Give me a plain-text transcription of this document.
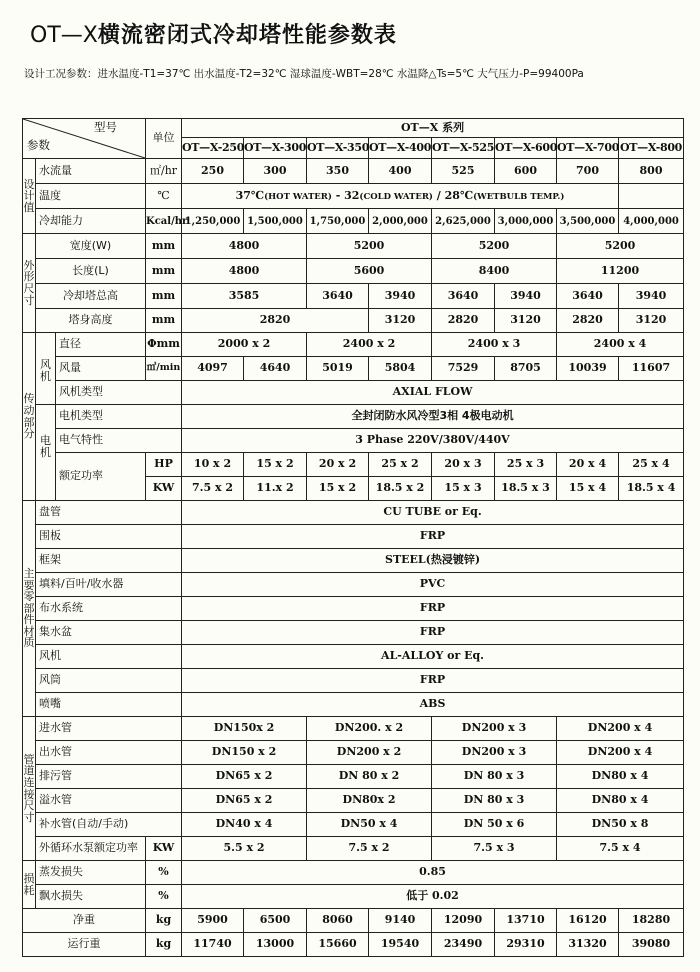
OT—X横流密闭式冷却塔性能参数表
设计工况参数：进水温度-T1=37℃ 出水温度-T2=32℃ 湿球温度-WBT=28℃ 水温降△Ts=5℃ 大气压力-P=99400Pa
型号
参数			单位	OT—X 系列							
				OT—X-250	OT—X-300	OT—X-350	OT—X-400	OT—X-525	OT—X-600	OT—X-700	OT—X-800
设计值	水流量		㎡/hr	250	300	350	400	525	600	700	800
	温度		℃	37℃(HOT WATER) - 32(COLD WATER) / 28℃(WETBULB TEMP.)							
	冷却能力		Kcal/hr	1,250,000	1,500,000	1,750,000	2,000,000	2,625,000	3,000,000	3,500,000	4,000,000
外形尺寸	宽度(W)		mm	4800		5200		5200		5200	
	长度(L)		mm	4800		5600		8400		11200	
	冷却塔总高		mm	3585		3640	3940	3640	3940	3640	3940
	塔身高度		mm	2820			3120	2820	3120	2820	3120
传动部分	风机	直径	Φmm	2000 x 2		2400 x 2		2400 x 3		2400 x 4	
		风量	㎡/min	4097	4640	5019	5804	7529	8705	10039	11607
		风机类型		AXIAL FLOW							
	电机	电机类型		全封闭防水风冷型3相 4极电动机							
		电气特性		3 Phase 220V/380V/440V							
		额定功率	HP	10 x 2	15 x 2	20 x 2	25 x 2	20 x 3	25 x 3	20 x 4	25 x 4
			KW	7.5 x 2	11.x 2	15 x 2	18.5 x 2	15 x 3	18.5 x 3	15 x 4	18.5 x 4
主要零部件材质	盘管			CU TUBE or Eq.							
	围板			FRP							
	框架			STEEL(热浸镀锌)							
	填料/百叶/收水器			PVC							
	布水系统			FRP							
	集水盆			FRP							
	风机			AL-ALLOY or Eq.							
	风筒			FRP							
	喷嘴			ABS							
管道连接尺寸	进水管			DN150x 2		DN200. x 2		DN200 x 3		DN200 x 4	
	出水管			DN150 x 2		DN200 x 2		DN200 x 3		DN200 x 4	
	排污管			DN65 x 2		DN 80 x 2		DN 80 x 3		DN80 x 4	
	溢水管			DN65 x 2		DN80x 2		DN 80 x 3		DN80 x 4	
	补水管(自动/手动)			DN40 x 4		DN50 x 4		DN 50 x 6		DN50 x 8	
	外循环水泵额定功率		KW	5.5 x 2		7.5 x 2		7.5 x 3		7.5 x 4	
损耗	蒸发损失		%	0.85							
	飘水损失		%	低于 0.02							
净重			kg	5900	6500	8060	9140	12090	13710	16120	18280
运行重			kg	11740	13000	15660	19540	23490	29310	31320	39080
